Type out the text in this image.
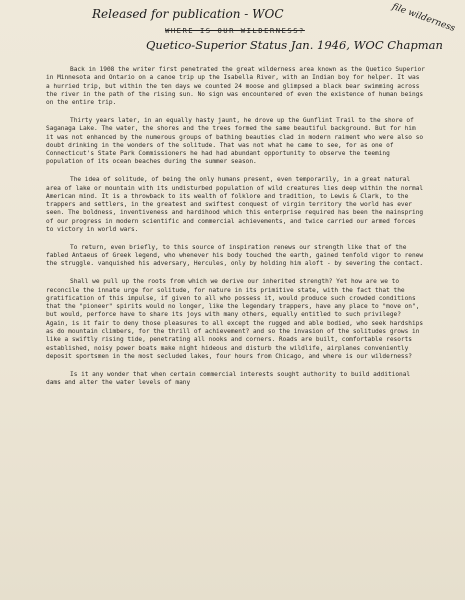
Released for publication - WOC	file wilderness
WHERE IS OUR WILDERNESS?
Quetico-Superior Status Jan. 1946, WOC Chapman

Back in 1908 the writer first penetrated the great wilderness area known as the Quetico Superior in Minnesota and Ontario on a canoe trip up the Isabella River, with an Indian boy for helper. It was a hurried trip, but within the ten days we counted 24 moose and glimpsed a black bear swimming across the river in the path of the rising sun. No sign was encountered of even the existence of human beings on the entire trip.

Thirty years later, in an equally hasty jaunt, he drove up the Gunflint Trail to the shore of Saganaga Lake. The water, the shores and the trees formed the same beautiful background. But for him it was not enhanced by the numerous groups of bathing beauties clad in modern raiment who were also so doubt drinking in the wonders of the solitude. That was not what he came to see, for as one of Connecticut's State Park Commissioners he had had abundant opportunity to observe the teeming population of its ocean beaches during the summer season.

The idea of solitude, of being the only humans present, even temporarily, in a great natural area of lake or mountain with its undisturbed population of wild creatures lies deep within the normal American mind. It is a throwback to its wealth of folklore and tradition, to Lewis & Clark, to the trappers and settlers, in the greatest and swiftest conquest of virgin territory the world has ever seen. The boldness, inventiveness and hardihood which this enterprise required has been the mainspring of our progress in modern scientific and commercial achievements, and twice carried our armed forces to victory in world wars.

To return, even briefly, to this source of inspiration renews our strength like that of the fabled Antaeus of Greek legend, who whenever his body touched the earth, gained tenfold vigor to renew the struggle. vanquished his adversary, Hercules, only by holding him aloft - by severing the contact.

Shall we pull up the roots from which we derive our inherited strength? Yet how are we to reconcile the innate urge for solitude, for nature in its primitive state, with the fact that the gratification of this impulse, if given to all who possess it, would produce such crowded conditions that the "pioneer" spirits would no longer, like the legendary trappers, have any place to "move on", but would, perforce have to share its joys with many others, equally entitled to such privilege? Again, is it fair to deny those pleasures to all except the rugged and able bodied, who seek hardships as do mountain climbers, for the thrill of achievement? and so the invasion of the solitudes grows in like a swiftly rising tide, penetrating all nooks and corners. Roads are built, comfortable resorts established, noisy power boats make night hideous and disturb the wildlife, airplanes conveniently deposit sportsmen in the most secluded lakes, four hours from Chicago, and where is our wilderness?

Is it any wonder that when certain commercial interests sought authority to build additional dams and alter the water levels of many
